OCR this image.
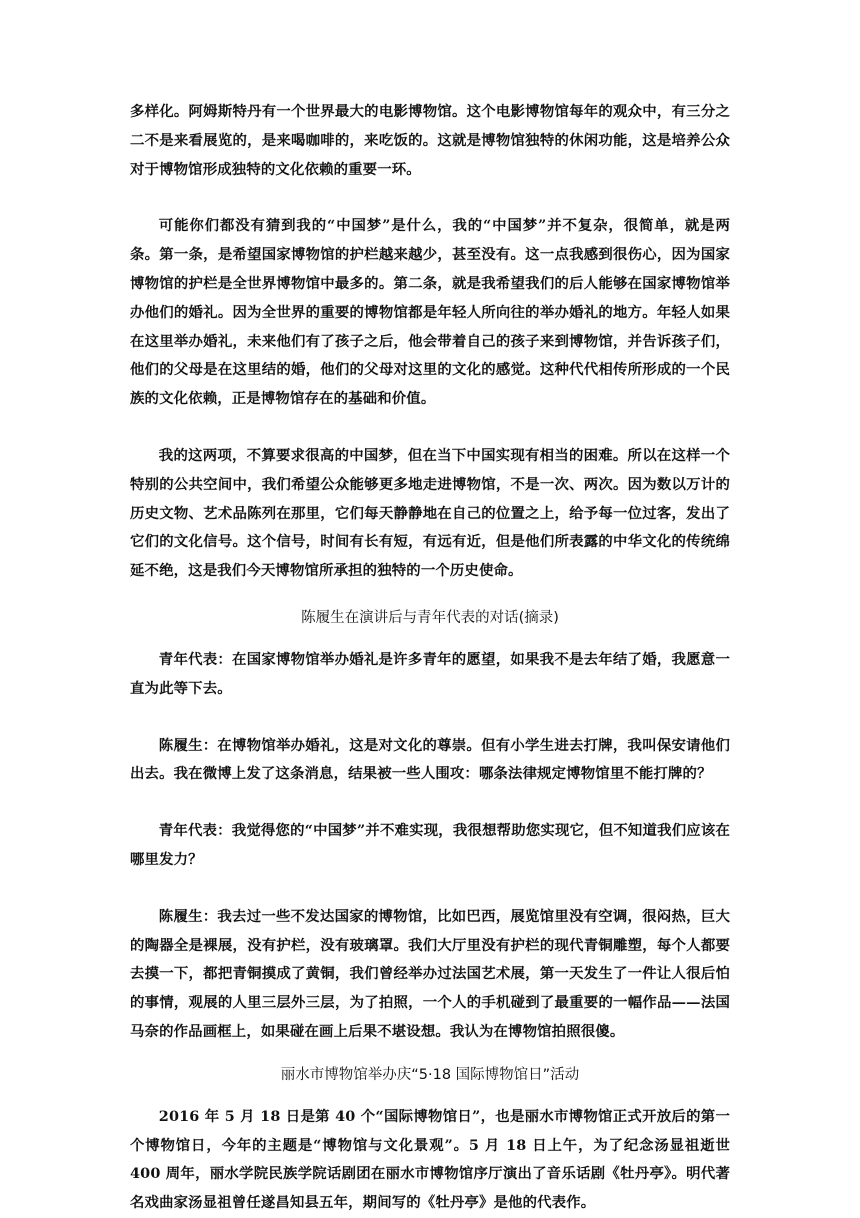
多样化。阿姆斯特丹有一个世界最大的电影博物馆。这个电影博物馆每年的观众中，有三分之二不是来看展览的，是来喝咖啡的，来吃饭的。这就是博物馆独特的休闲功能，这是培养公众对于博物馆形成独特的文化依赖的重要一环。

可能你们都没有猜到我的“中国梦”是什么，我的“中国梦”并不复杂，很简单，就是两条。第一条，是希望国家博物馆的护栏越来越少，甚至没有。这一点我感到很伤心，因为国家博物馆的护栏是全世界博物馆中最多的。第二条，就是我希望我们的后人能够在国家博物馆举办他们的婚礼。因为全世界的重要的博物馆都是年轻人所向往的举办婚礼的地方。年轻人如果在这里举办婚礼，未来他们有了孩子之后，他会带着自己的孩子来到博物馆，并告诉孩子们，他们的父母是在这里结的婚，他们的父母对这里的文化的感觉。这种代代相传所形成的一个民族的文化依赖，正是博物馆存在的基础和价值。

我的这两项，不算要求很高的中国梦，但在当下中国实现有相当的困难。所以在这样一个特别的公共空间中，我们希望公众能够更多地走进博物馆，不是一次、两次。因为数以万计的历史文物、艺术品陈列在那里，它们每天静静地在自己的位置之上，给予每一位过客，发出了它们的文化信号。这个信号，时间有长有短，有远有近，但是他们所表露的中华文化的传统绵延不绝，这是我们今天博物馆所承担的独特的一个历史使命。

陈履生在演讲后与青年代表的对话(摘录)

青年代表：在国家博物馆举办婚礼是许多青年的愿望，如果我不是去年结了婚，我愿意一直为此等下去。

陈履生：在博物馆举办婚礼，这是对文化的尊崇。但有小学生进去打牌，我叫保安请他们出去。我在微博上发了这条消息，结果被一些人围攻：哪条法律规定博物馆里不能打牌的？

青年代表：我觉得您的“中国梦”并不难实现，我很想帮助您实现它，但不知道我们应该在哪里发力？

陈履生：我去过一些不发达国家的博物馆，比如巴西，展览馆里没有空调，很闷热，巨大的陶器全是裸展，没有护栏，没有玻璃罩。我们大厅里没有护栏的现代青铜雕塑，每个人都要去摸一下，都把青铜摸成了黄铜，我们曾经举办过法国艺术展，第一天发生了一件让人很后怕的事情，观展的人里三层外三层，为了拍照，一个人的手机碰到了最重要的一幅作品——法国马奈的作品画框上，如果碰在画上后果不堪设想。我认为在博物馆拍照很傻。

丽水市博物馆举办庆“5·18 国际博物馆日”活动

2016 年 5 月 18 日是第 40 个“国际博物馆日”，也是丽水市博物馆正式开放后的第一个博物馆日，今年的主题是“博物馆与文化景观”。5 月 18 日上午，为了纪念汤显祖逝世 400 周年，丽水学院民族学院话剧团在丽水市博物馆序厅演出了音乐话剧《牡丹亭》。明代著名戏曲家汤显祖曾任遂昌知县五年，期间写的《牡丹亭》是他的代表作。
